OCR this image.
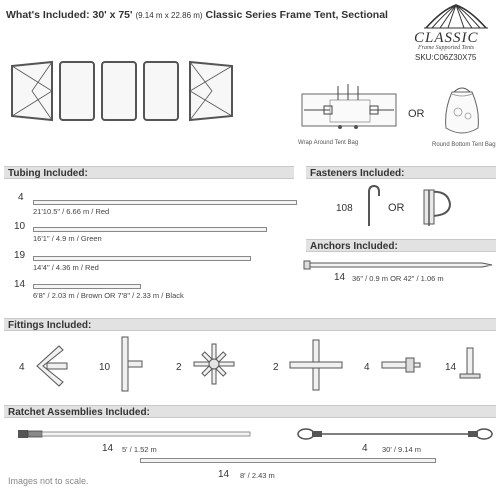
What's Included: 30' x 75' (9.14 m x 22.86 m) Classic Series Frame Tent, Sectional
CLASSIC
Frame Supported Tents
SKU:C06Z30X75
Wrap Around Tent Bag
OR
Round Bottom Tent Bag
Tubing Included:
4
21'10.5" / 6.66 m / Red
10
16'1" / 4.9 m / Green
19
14'4" / 4.36 m / Red
14
6'8" / 2.03 m / Brown OR 7'8" / 2.33 m / Black
Fasteners Included:
108	OR
Anchors Included:
14 36" / 0.9 m OR 42" / 1.06 m
Fittings Included:
4	10	2	2	4	14
Ratchet Assemblies Included:
14 5' / 1.52 m	4 30' / 9.14 m
14 8' / 2.43 m
Images not to scale.
